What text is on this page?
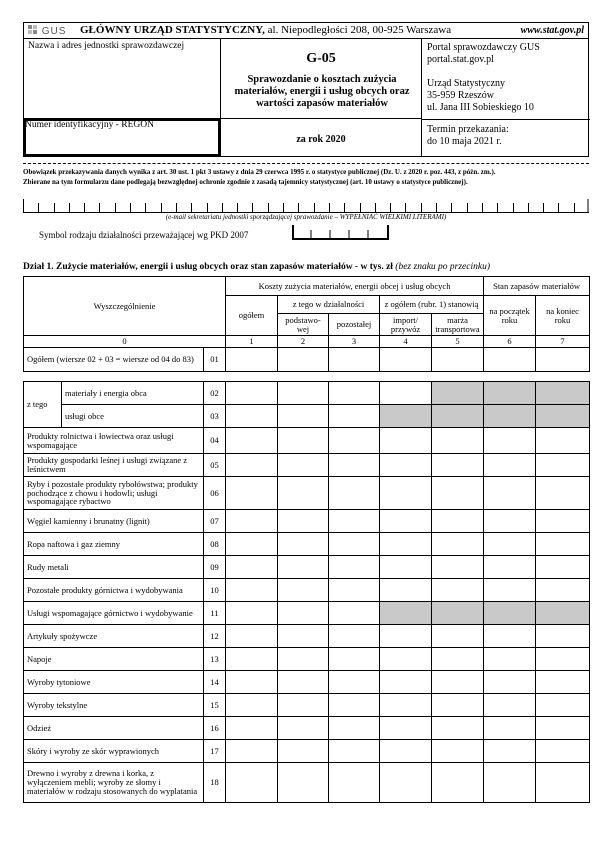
GUS GŁÓWNY URZĄD STATYSTYCZNY, al. Niepodległości 208, 00-925 Warszawa	www.stat.gov.pl
Nazwa i adres jednostki sprawozdawczej
Numer identyfikacyjny - REGON
G-05
Sprawozdanie o kosztach zużycia materiałów, energii i usług obcych oraz wartości zapasów materiałów
za rok 2020
Portal sprawozdawczy GUS
portal.stat.gov.pl
Urząd Statystyczny
35-959 Rzeszów
ul. Jana III Sobieskiego 10
Termin przekazania:
do 10 maja 2021 r.
Obowiązek przekazywania danych wynika z art. 30 ust. 1 pkt 3 ustawy z dnia 29 czerwca 1995 r. o statystyce publicznej (Dz. U. z 2020 r. poz. 443, z późn. zm.).
Zbierane na tym formularzu dane podlegają bezwzględnej ochronie zgodnie z zasadą tajemnicy statystycznej (art. 10 ustawy o statystyce publicznej).
(e-mail sekretariatu jednostki sporządzającej sprawozdanie – WYPEŁNIAĆ WIELKIMI LITERAMI)
Symbol rodzaju działalności przeważającej wg PKD 2007
Dział 1. Zużycie materiałów, energii i usług obcych oraz stan zapasów materiałów - w tys. zł (bez znaku po przecinku)
Wyszczególnienie		Koszty zużycia materiałów, energii obcej i usług obcych					Stan zapasów materiałów	
		ogółem	z tego w działalności		z ogółem (rubr. 1) stanowią		na początek roku	na koniec roku
			podstawo-wej	pozostałej	import/ przywóz	marża transportowa		
0		1	2	3	4	5	6	7
Ogółem (wiersze 02 + 03 = wiersze od 04 do 83)	01							
z tego	materiały i energia obca	02							
	usługi obce	03							
Produkty rolnictwa i łowiectwa oraz usługi wspomagające		04							
Produkty gospodarki leśnej i usługi związane z leśnictwem		05							
Ryby i pozostałe produkty rybołówstwa; produkty pochodzące z chowu i hodowli; usługi wspomagające rybactwo		06							
Węgiel kamienny i brunatny (lignit)		07							
Ropa naftowa i gaz ziemny		08							
Rudy metali		09							
Pozostałe produkty górnictwa i wydobywania		10							
Usługi wspomagające górnictwo i wydobywanie		11							
Artykuły spożywcze		12							
Napoje		13							
Wyroby tytoniowe		14							
Wyroby tekstylne		15							
Odzież		16							
Skóry i wyroby ze skór wyprawionych		17							
Drewno i wyroby z drewna i korka, z wyłączeniem mebli; wyroby ze słomy i materiałów w rodzaju stosowanych do wyplatania		18							
